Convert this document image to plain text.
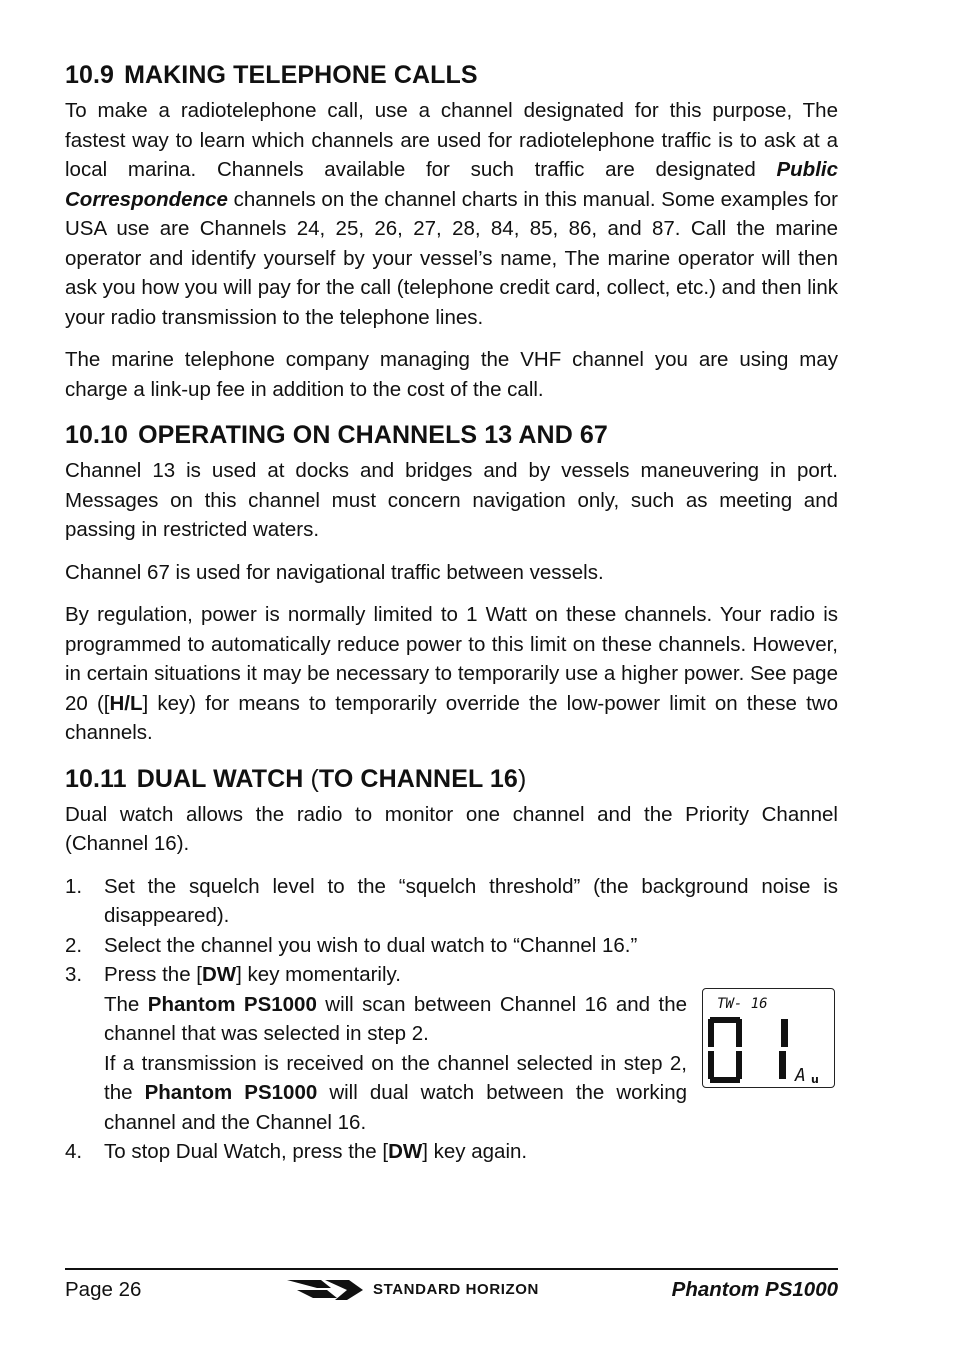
10.9 MAKING TELEPHONE CALLS

To make a radiotelephone call, use a channel designated for this purpose, The fastest way to learn which channels are used for radiotelephone traffic is to ask at a local marina. Channels available for such traffic are designated Public Correspondence channels on the channel charts in this manual. Some examples for USA use are Channels 24, 25, 26, 27, 28, 84, 85, 86, and 87. Call the marine operator and identify yourself by your vessel’s name, The marine operator will then ask you how you will pay for the call (telephone credit card, collect, etc.) and then link your radio transmission to the telephone lines.

The marine telephone company managing the VHF channel you are using may charge a link-up fee in addition to the cost of the call.

10.10 OPERATING ON CHANNELS 13 AND 67

Channel 13 is used at docks and bridges and by vessels maneuvering in port. Messages on this channel must concern navigation only, such as meeting and passing in restricted waters.

Channel 67 is used for navigational traffic between vessels.

By regulation, power is normally limited to 1 Watt on these channels. Your radio is programmed to automatically reduce power to this limit on these channels. However, in certain situations it may be necessary to temporarily use a higher power. See page 20 ([H/L] key) for means to temporarily override the low-power limit on these two channels.

10.11 DUAL WATCH (TO CHANNEL 16)

Dual watch allows the radio to monitor one channel and the Priority Channel (Channel 16).

1. Set the squelch level to the “squelch threshold” (the background noise is disappeared).
2. Select the channel you wish to dual watch to “Channel 16.”
3. Press the [DW] key momentarily.
The Phantom PS1000 will scan between Channel 16 and the channel that was selected in step 2.
If a transmission is received on the channel selected in step 2, the Phantom PS1000 will dual watch between the working channel and the Channel 16.
4. To stop Dual Watch, press the [DW] key again.
TW- 16
A u
Page 26	STANDARD HORIZON	Phantom PS1000
